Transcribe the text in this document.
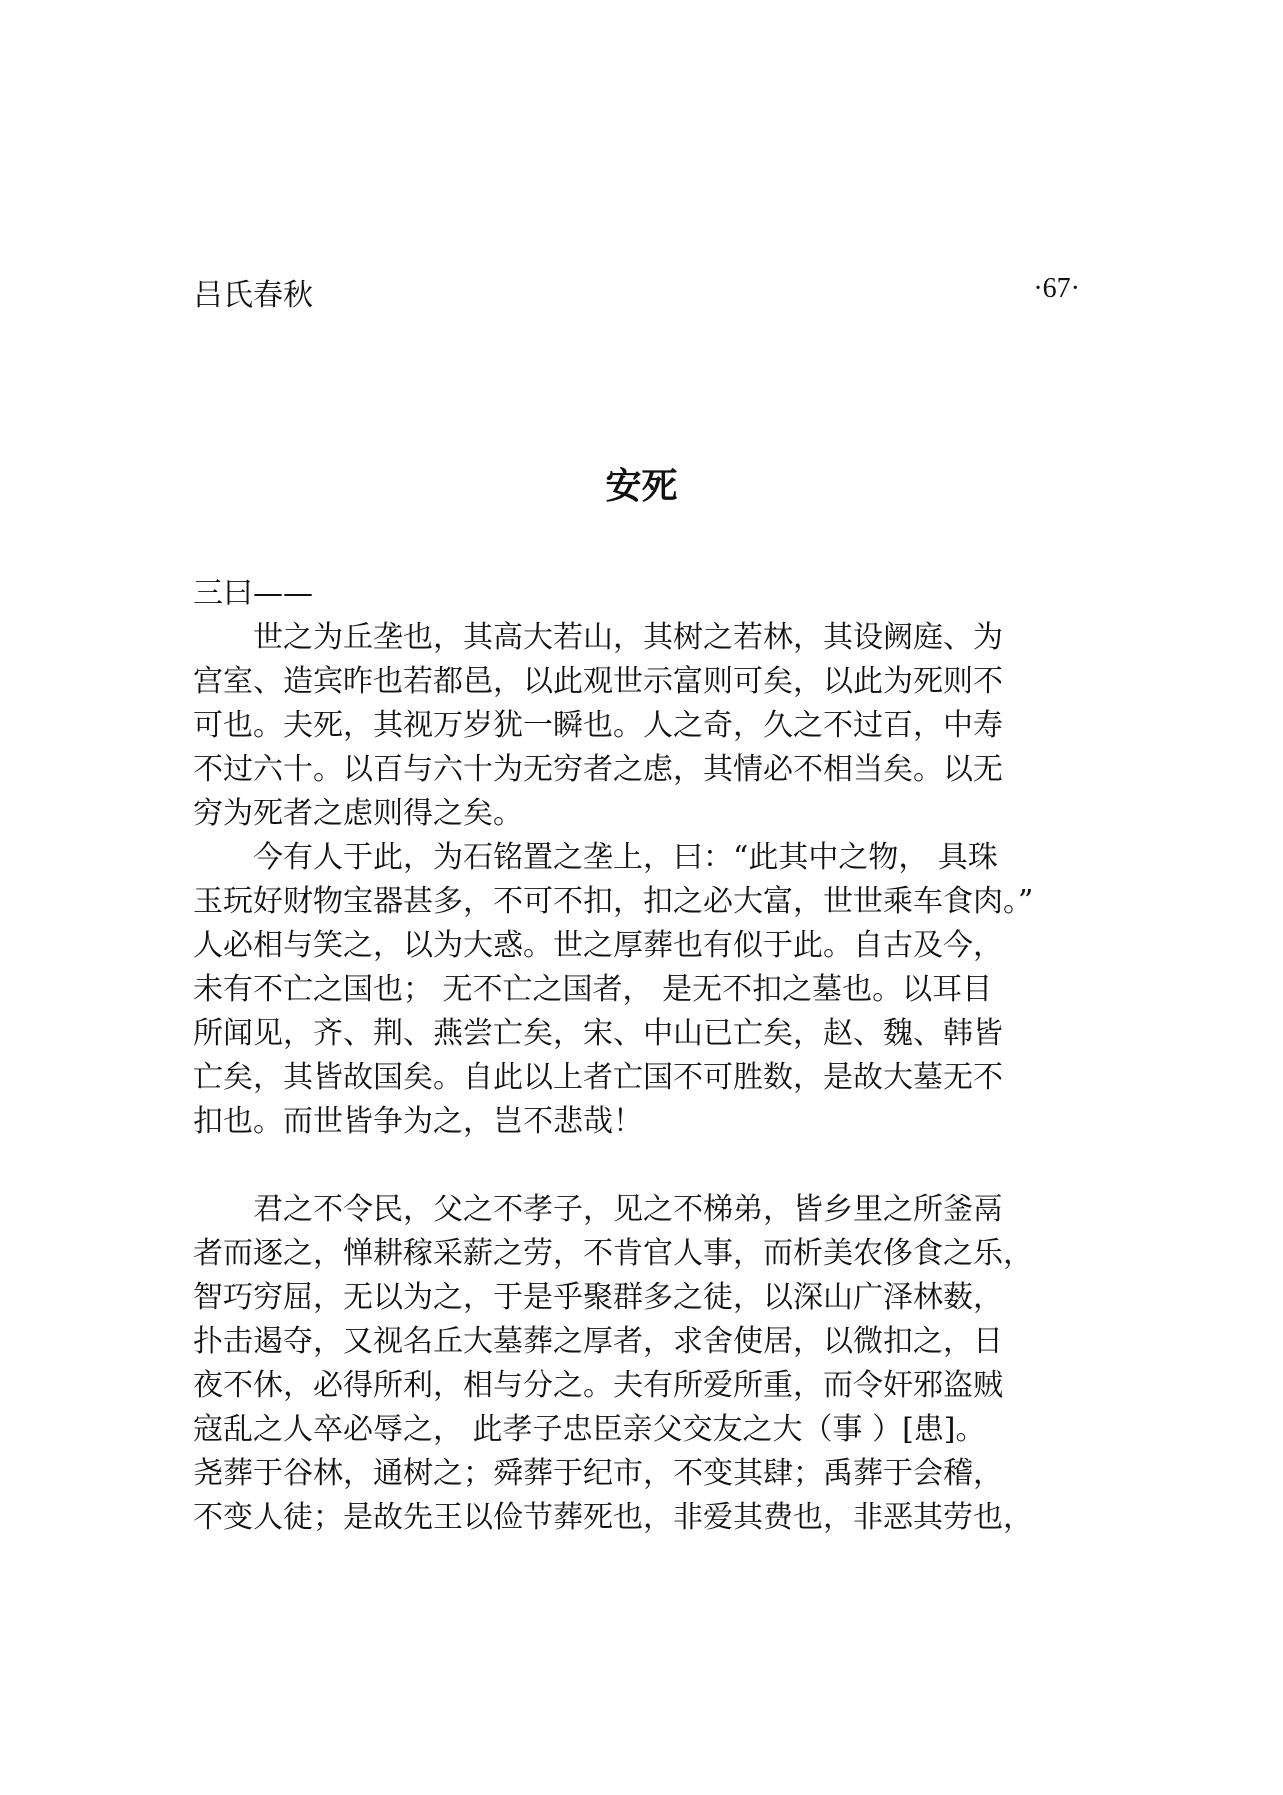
吕氏春秋	·67·
安死
三曰——
　　世之为丘垄也，其高大若山，其树之若林，其设阙庭、为
宫室、造宾昨也若都邑，以此观世示富则可矣，以此为死则不
可也。夫死，其视万岁犹一瞬也。人之奇，久之不过百，中寿
不过六十。以百与六十为无穷者之虑，其情必不相当矣。以无
穷为死者之虑则得之矣。
　　今有人于此，为石铭置之垄上，曰：“此其中之物， 具珠
玉玩好财物宝器甚多，不可不扣，扣之必大富，世世乘车食肉。”
人必相与笑之，以为大惑。世之厚葬也有似于此。自古及今，
未有不亡之国也； 无不亡之国者， 是无不扣之墓也。以耳目
所闻见，齐、荆、燕尝亡矣，宋、中山已亡矣，赵、魏、韩皆
亡矣，其皆故国矣。自此以上者亡国不可胜数，是故大墓无不
扣也。而世皆争为之，岂不悲哉！
　　君之不令民，父之不孝子，见之不梯弟，皆乡里之所釜鬲
者而逐之，惮耕稼采薪之劳，不肯官人事，而析美农侈食之乐，
智巧穷屈，无以为之，于是乎聚群多之徒，以深山广泽林薮，
扑击遏夺，又视名丘大墓葬之厚者，求舍使居，以微扣之，日
夜不休，必得所利，相与分之。夫有所爱所重，而令奸邪盗贼
寇乱之人卒必辱之， 此孝子忠臣亲父交友之大（事 ）[患]。
尧葬于谷林，通树之；舜葬于纪市，不变其肆；禹葬于会稽，
不变人徒；是故先王以俭节葬死也，非爱其费也，非恶其劳也，
